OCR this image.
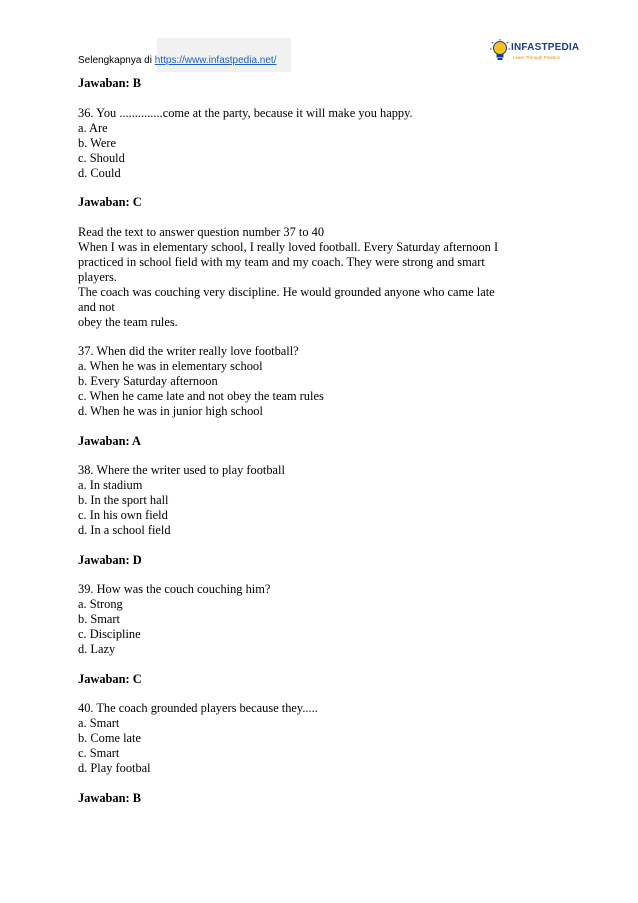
Selengkapnya di https://www.infastpedia.net/
INFASTPEDIA
Learn Through Practice
Jawaban: B
36. You ..............come at the party, because it will make you happy.
a. Are
b. Were
c. Should
d. Could
Jawaban: C
Read the text to answer question number 37 to 40
When I was in elementary school, I really loved football. Every Saturday afternoon I
practiced in school field with my team and my coach. They were strong and smart
players.
The coach was couching very discipline. He would grounded anyone who came late
and not
obey the team rules.
37. When did the writer really love football?
a. When he was in elementary school
b. Every Saturday afternoon
c. When he came late and not obey the team rules
d. When he was in junior high school
Jawaban: A
38. Where the writer used to play football
a. In stadium
b. In the sport hall
c. In his own field
d. In a school field
Jawaban: D
39. How was the couch couching him?
a. Strong
b. Smart
c. Discipline
d. Lazy
Jawaban: C
40. The coach grounded players because they.....
a. Smart
b. Come late
c. Smart
d. Play footbal
Jawaban: B
